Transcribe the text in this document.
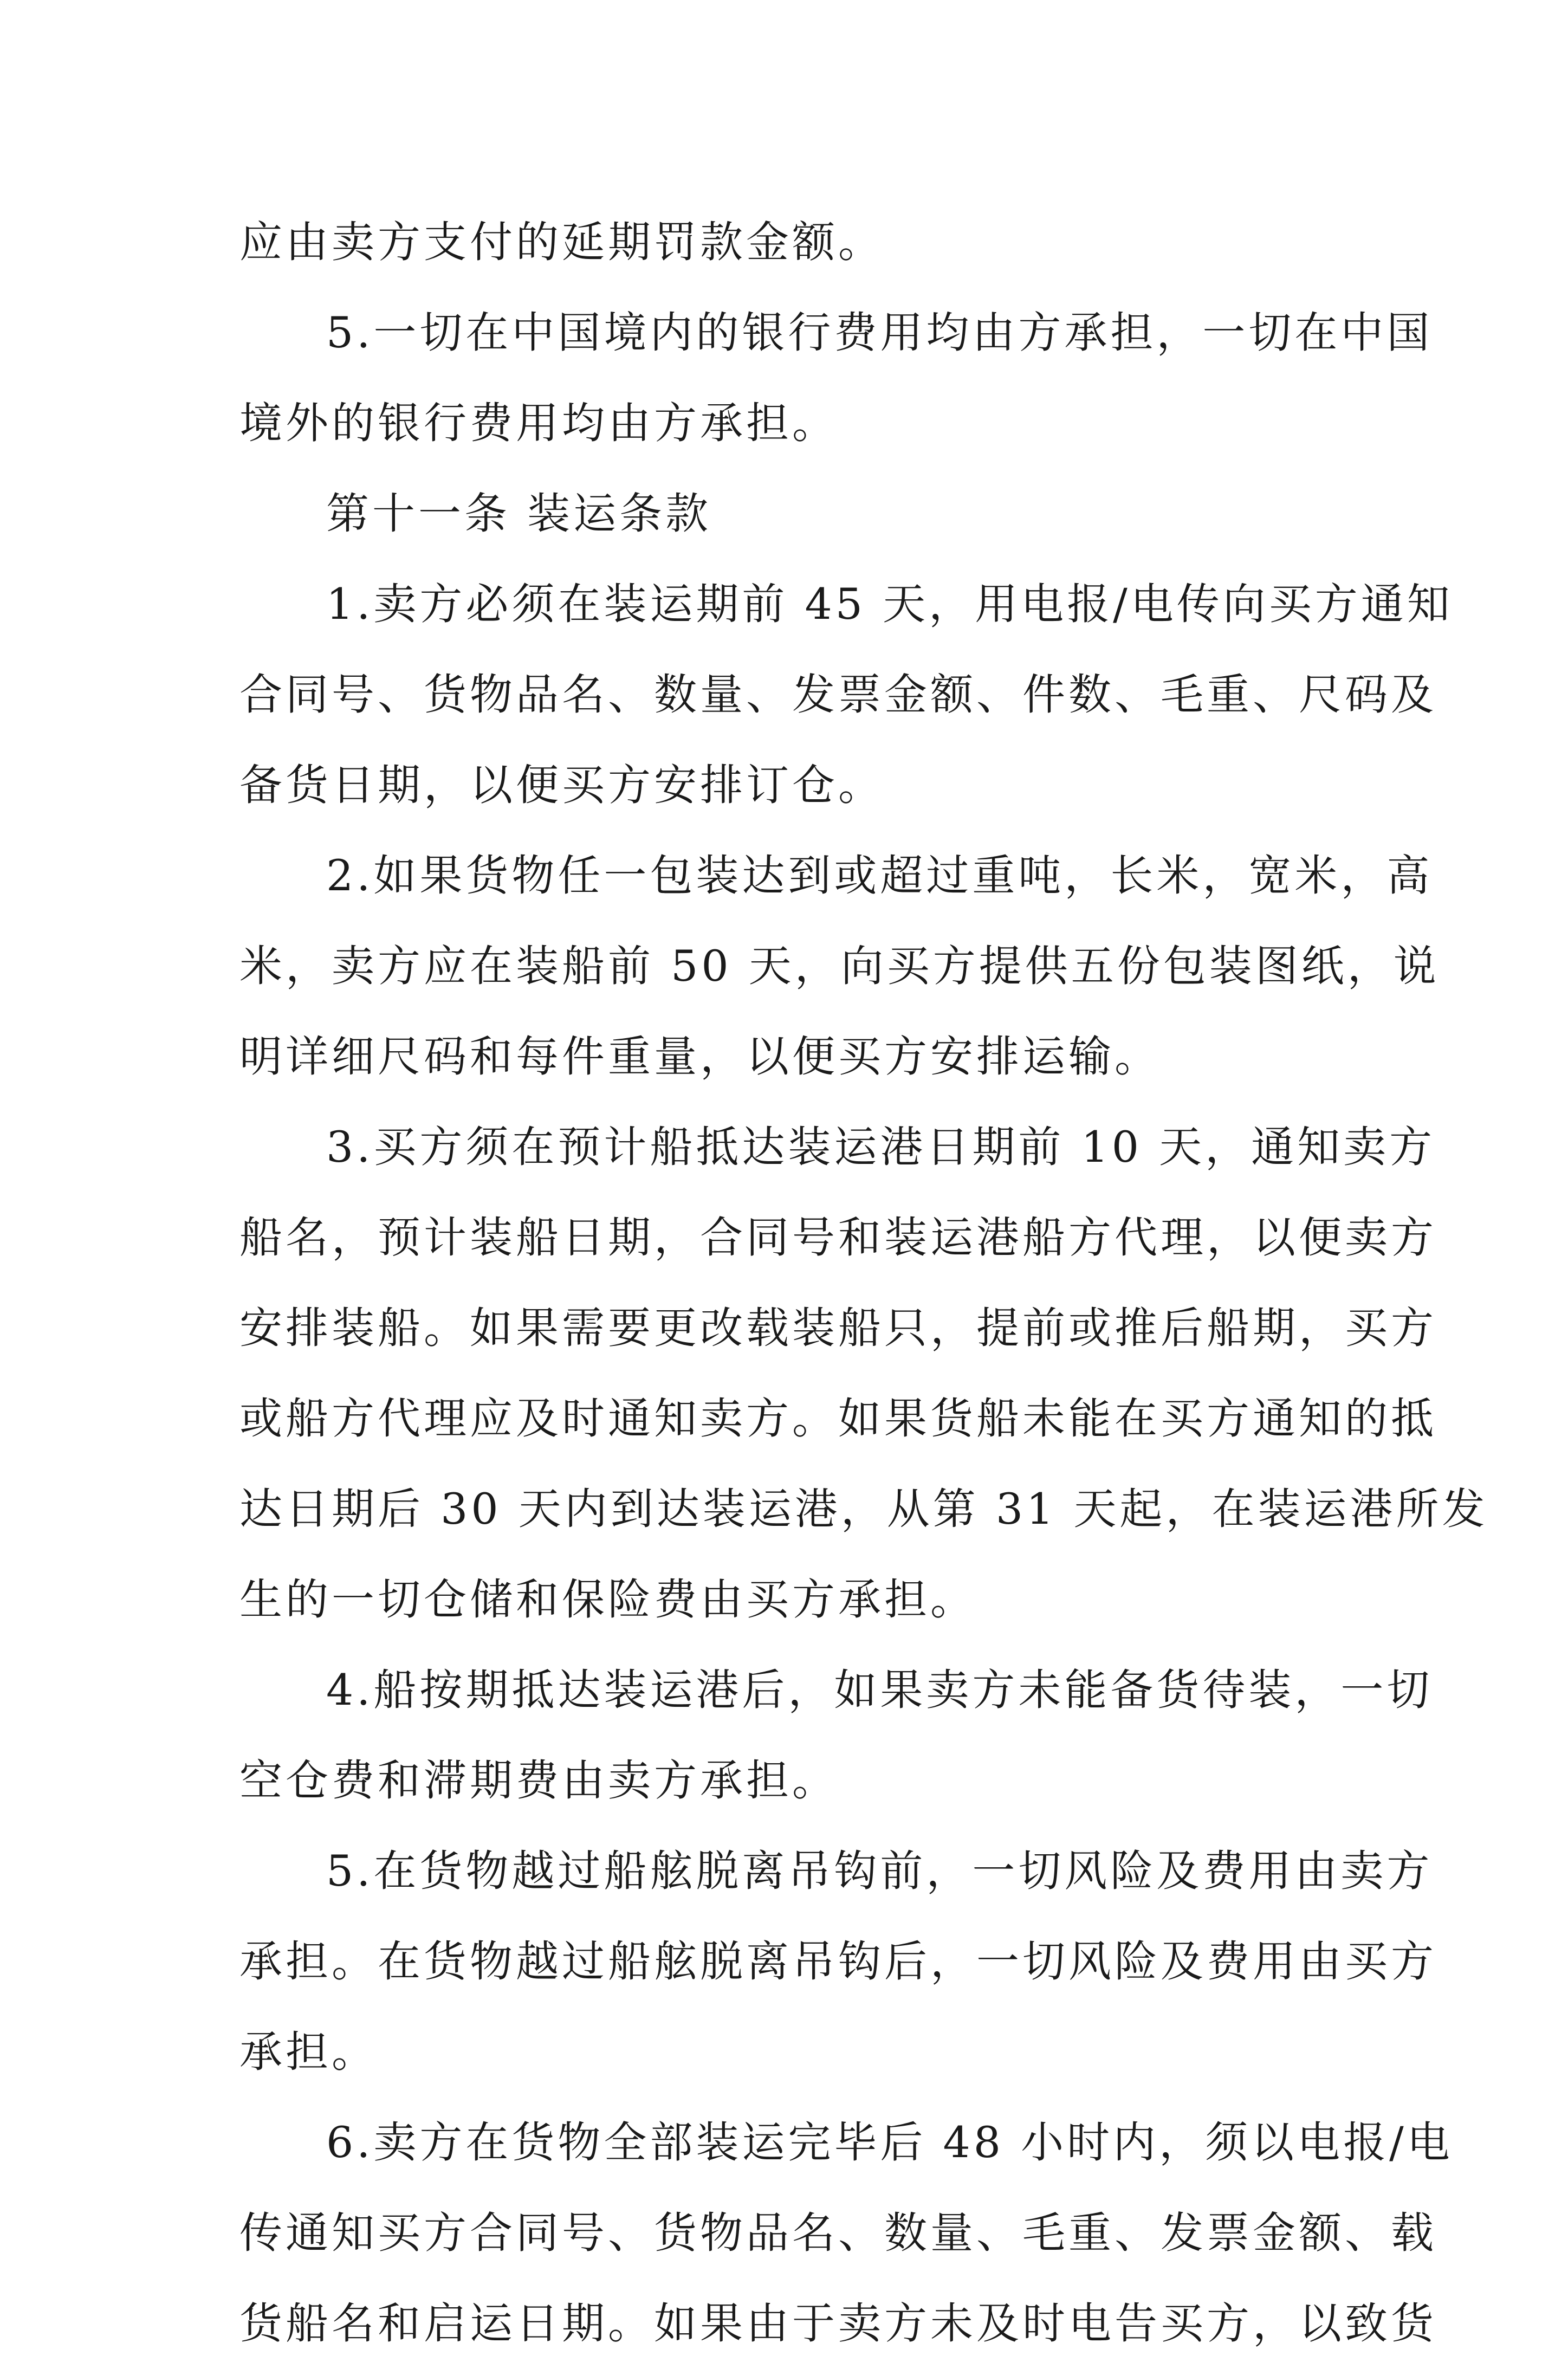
应由卖方支付的延期罚款金额。
5.一切在中国境内的银行费用均由方承担，一切在中国
境外的银行费用均由方承担。
第十一条 装运条款
1.卖方必须在装运期前 45 天，用电报/电传向买方通知
合同号、货物品名、数量、发票金额、件数、毛重、尺码及
备货日期，以便买方安排订仓。
2.如果货物任一包装达到或超过重吨，长米，宽米，高
米，卖方应在装船前 50 天，向买方提供五份包装图纸，说
明详细尺码和每件重量，以便买方安排运输。
3.买方须在预计船抵达装运港日期前 10 天，通知卖方
船名，预计装船日期，合同号和装运港船方代理，以便卖方
安排装船。如果需要更改载装船只，提前或推后船期，买方
或船方代理应及时通知卖方。如果货船未能在买方通知的抵
达日期后 30 天内到达装运港，从第 31 天起，在装运港所发
生的一切仓储和保险费由买方承担。
4.船按期抵达装运港后，如果卖方未能备货待装，一切
空仓费和滞期费由卖方承担。
5.在货物越过船舷脱离吊钩前，一切风险及费用由卖方
承担。在货物越过船舷脱离吊钩后，一切风险及费用由买方
承担。
6.卖方在货物全部装运完毕后 48 小时内，须以电报/电
传通知买方合同号、货物品名、数量、毛重、发票金额、载
货船名和启运日期。如果由于卖方未及时电告买方，以致货
